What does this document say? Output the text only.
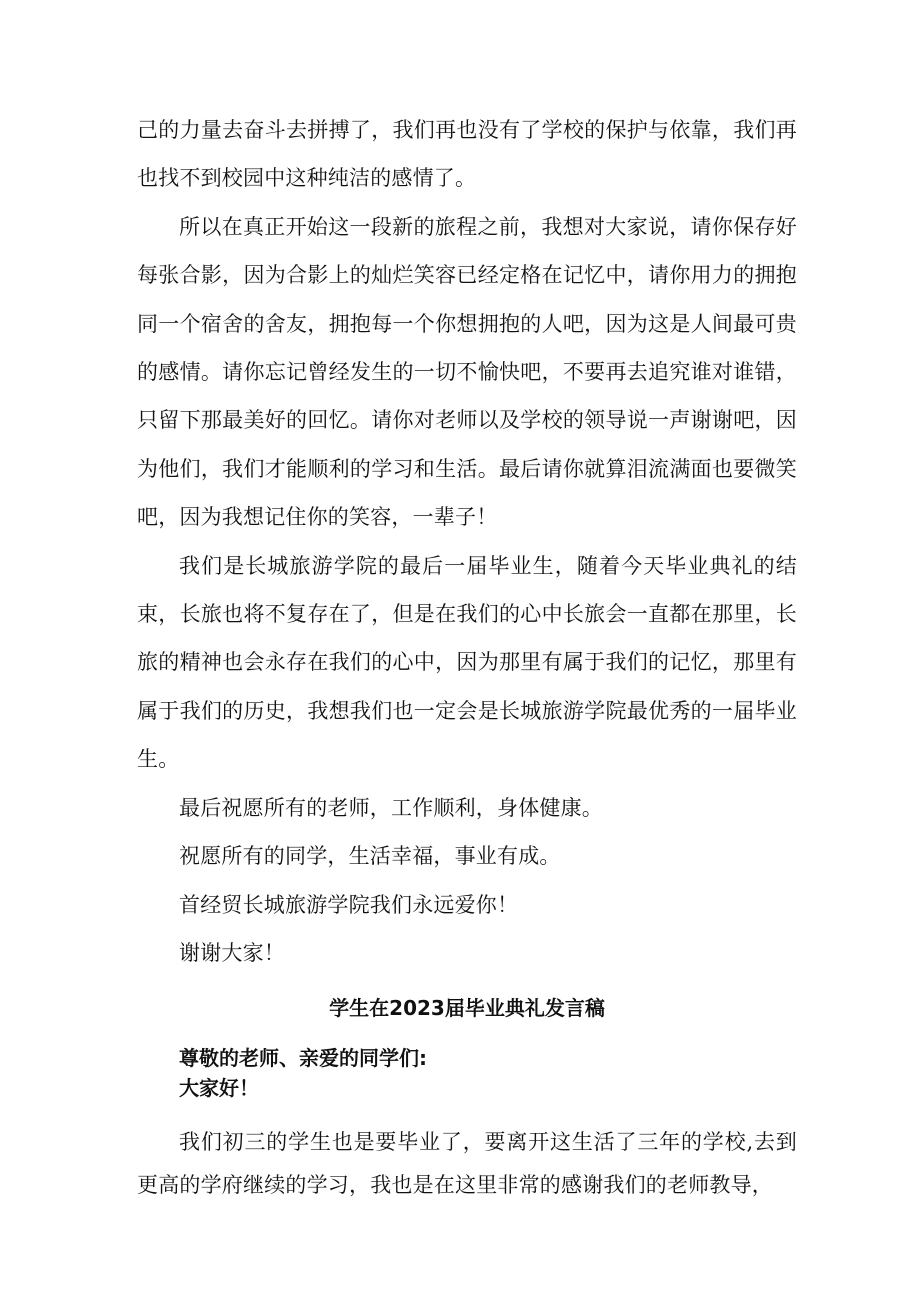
己的力量去奋斗去拼搏了，我们再也没有了学校的保护与依靠，我们再也找不到校园中这种纯洁的感情了。

所以在真正开始这一段新的旅程之前，我想对大家说，请你保存好每张合影，因为合影上的灿烂笑容已经定格在记忆中，请你用力的拥抱同一个宿舍的舍友，拥抱每一个你想拥抱的人吧，因为这是人间最可贵的感情。请你忘记曾经发生的一切不愉快吧，不要再去追究谁对谁错，只留下那最美好的回忆。请你对老师以及学校的领导说一声谢谢吧，因为他们，我们才能顺利的学习和生活。最后请你就算泪流满面也要微笑吧，因为我想记住你的笑容，一辈子！

我们是长城旅游学院的最后一届毕业生，随着今天毕业典礼的结束，长旅也将不复存在了，但是在我们的心中长旅会一直都在那里，长旅的精神也会永存在我们的心中，因为那里有属于我们的记忆，那里有属于我们的历史，我想我们也一定会是长城旅游学院最优秀的一届毕业生。

最后祝愿所有的老师，工作顺利，身体健康。

祝愿所有的同学，生活幸福，事业有成。

首经贸长城旅游学院我们永远爱你！

谢谢大家！

学生在2023届毕业典礼发言稿
尊敬的老师、亲爱的同学们:
大家好！

我们初三的学生也是要毕业了，要离开这生活了三年的学校,去到更高的学府继续的学习，我也是在这里非常的感谢我们的老师教导，
